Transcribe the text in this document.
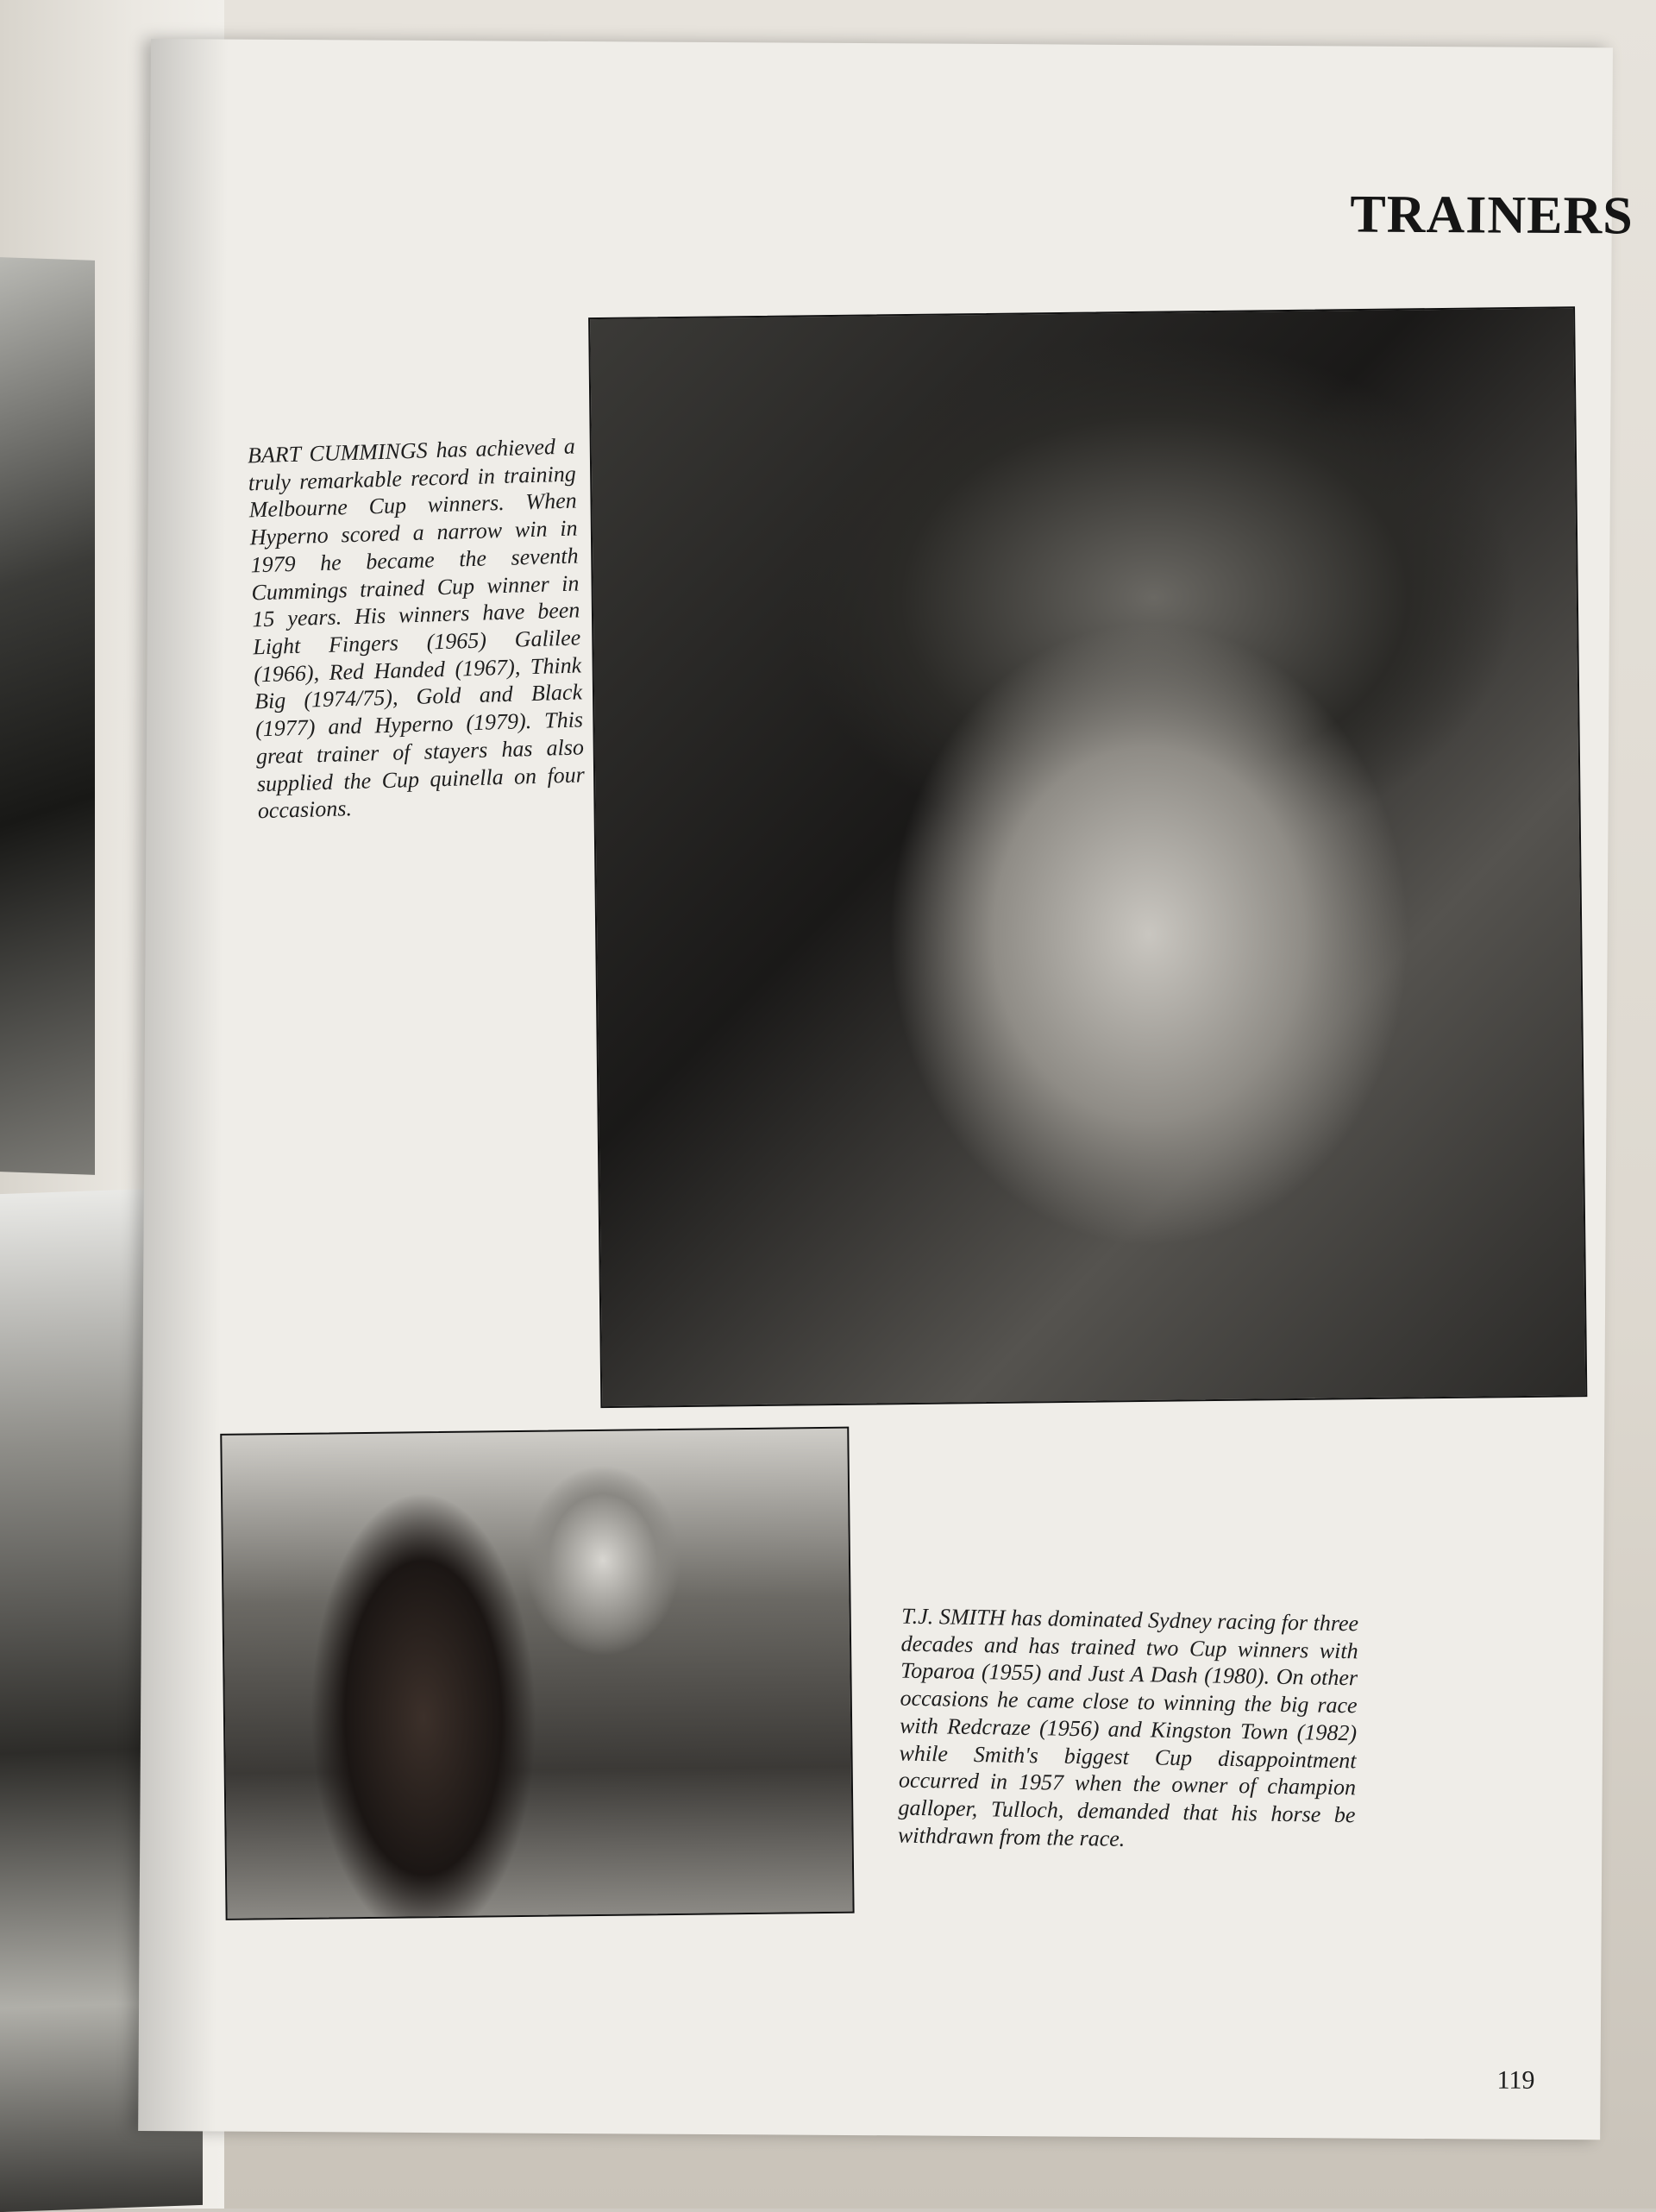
TRAINERS
BART CUMMINGS has achieved a truly remarkable record in training Melbourne Cup winners. When Hyperno scored a narrow win in 1979 he became the seventh Cummings trained Cup winner in 15 years. His winners have been Light Fingers (1965) Galilee (1966), Red Handed (1967), Think Big (1974/75), Gold and Black (1977) and Hyperno (1979). This great trainer of stayers has also supplied the Cup quinella on four occasions.
T.J. SMITH has dominated Sydney racing for three decades and has trained two Cup winners with Toparoa (1955) and Just A Dash (1980). On other occasions he came close to winning the big race with Redcraze (1956) and Kingston Town (1982) while Smith's biggest Cup disappointment occurred in 1957 when the owner of champion galloper, Tulloch, demanded that his horse be withdrawn from the race.
119
